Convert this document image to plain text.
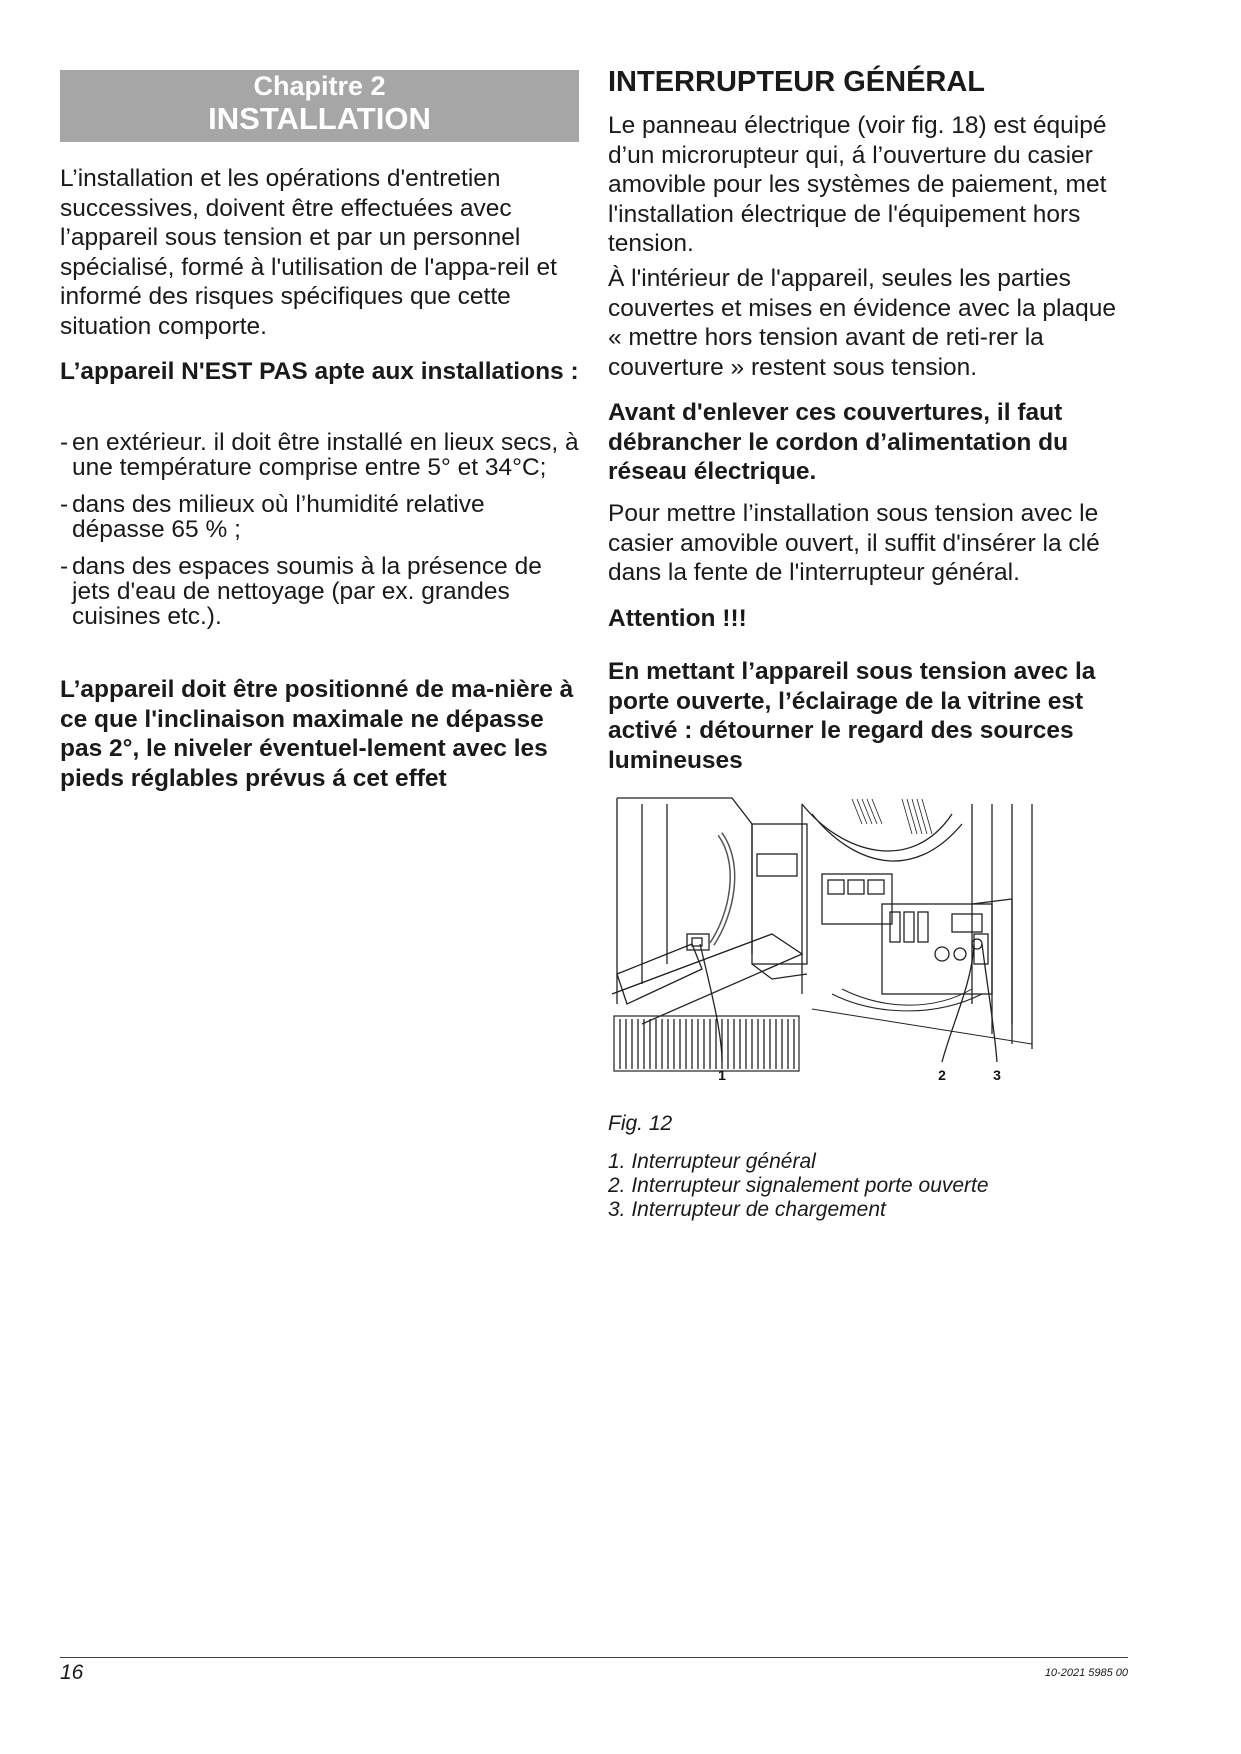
Chapitre 2
INSTALLATION

L’installation et les opérations d'entretien successives, doivent être effectuées avec l’appareil sous tension et par un personnel spécialisé, formé à l'utilisation de l'appa-reil et informé des risques spécifiques que cette situation comporte.

L’appareil N'EST PAS apte aux installations :
- en extérieur. il doit être installé en lieux secs, à une température comprise entre 5° et 34°C;
- dans des milieux où l’humidité relative dépasse 65 % ;
- dans des espaces soumis à la présence de jets d'eau de nettoyage (par ex. grandes cuisines etc.).
L’appareil doit être positionné de ma-nière à ce que l'inclinaison maximale ne dépasse pas 2°, le niveler éventuel-lement avec les pieds réglables prévus á cet effet
INTERRUPTEUR GÉNÉRAL

Le panneau électrique (voir fig. 18) est équipé d’un microrupteur qui, á l’ouverture du casier amovible pour les systèmes de paiement, met l'installation électrique de l'équipement hors tension.

À l'intérieur de l'appareil, seules les parties couvertes et mises en évidence avec la plaque « mettre hors tension avant de reti-rer la couverture » restent sous tension.

Avant d'enlever ces couvertures, il faut débrancher le cordon d’alimentation du réseau électrique.

Pour mettre l’installation sous tension avec le casier amovible ouvert, il suffit d'insérer la clé dans la fente de l'interrupteur général.

Attention !!!
En mettant l’appareil sous tension avec la porte ouverte, l’éclairage de la vitrine est activé : détourner le regard des sources lumineuses
1	2	3
Fig. 12
1. Interrupteur général
2. Interrupteur signalement porte ouverte
3. Interrupteur de chargement
16	10-2021 5985 00
